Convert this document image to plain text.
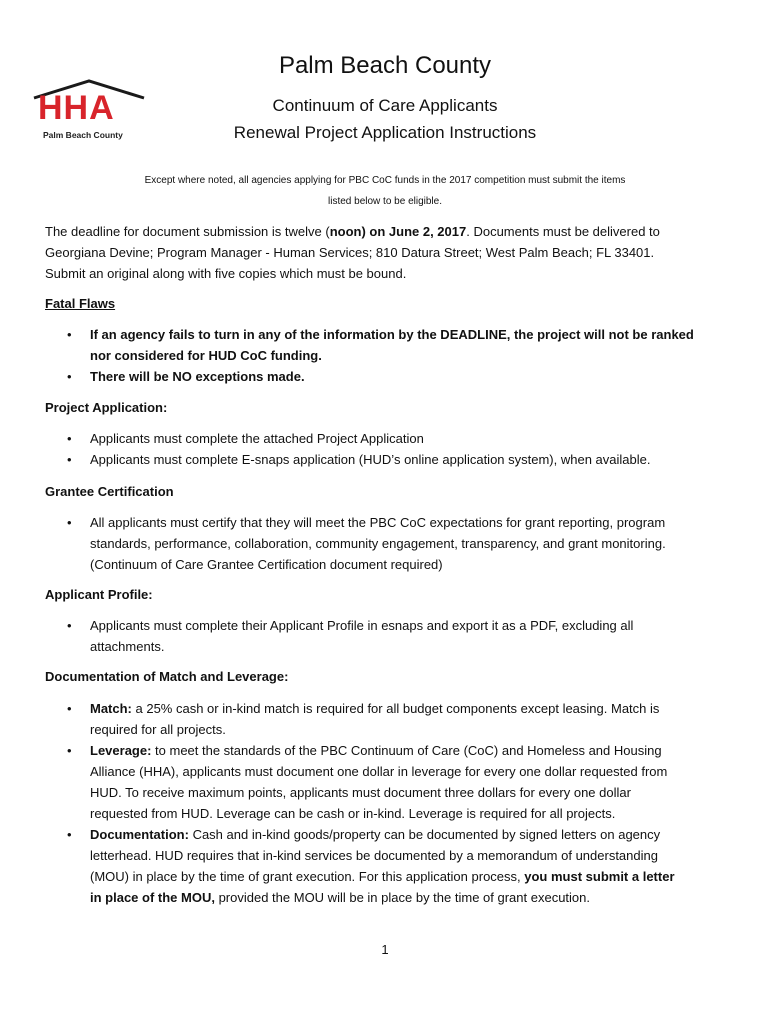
HHA
Palm Beach County
Palm Beach County
Continuum of Care Applicants
Renewal Project Application Instructions
Except where noted, all agencies applying for PBC CoC funds in the 2017 competition must submit the items
listed below to be eligible.
The deadline for document submission is twelve (noon) on June 2, 2017. Documents must be delivered to
Georgiana Devine; Program Manager - Human Services; 810 Datura Street; West Palm Beach; FL 33401.
Submit an original along with five copies which must be bound.
Fatal Flaws
• If an agency fails to turn in any of the information by the DEADLINE, the project will not be ranked
nor considered for HUD CoC funding.
• There will be NO exceptions made.
Project Application:
• Applicants must complete the attached Project Application
• Applicants must complete E-snaps application (HUD’s online application system), when available.
Grantee Certification
• All applicants must certify that they will meet the PBC CoC expectations for grant reporting, program
standards, performance, collaboration, community engagement, transparency, and grant monitoring.
(Continuum of Care Grantee Certification document required)
Applicant Profile:
• Applicants must complete their Applicant Profile in esnaps and export it as a PDF, excluding all
attachments.
Documentation of Match and Leverage:
• Match: a 25% cash or in-kind match is required for all budget components except leasing. Match is
required for all projects.
• Leverage: to meet the standards of the PBC Continuum of Care (CoC) and Homeless and Housing
Alliance (HHA), applicants must document one dollar in leverage for every one dollar requested from
HUD. To receive maximum points, applicants must document three dollars for every one dollar
requested from HUD. Leverage can be cash or in-kind. Leverage is required for all projects.
• Documentation: Cash and in-kind goods/property can be documented by signed letters on agency
letterhead. HUD requires that in-kind services be documented by a memorandum of understanding
(MOU) in place by the time of grant execution. For this application process, you must submit a letter
in place of the MOU, provided the MOU will be in place by the time of grant execution.
1
